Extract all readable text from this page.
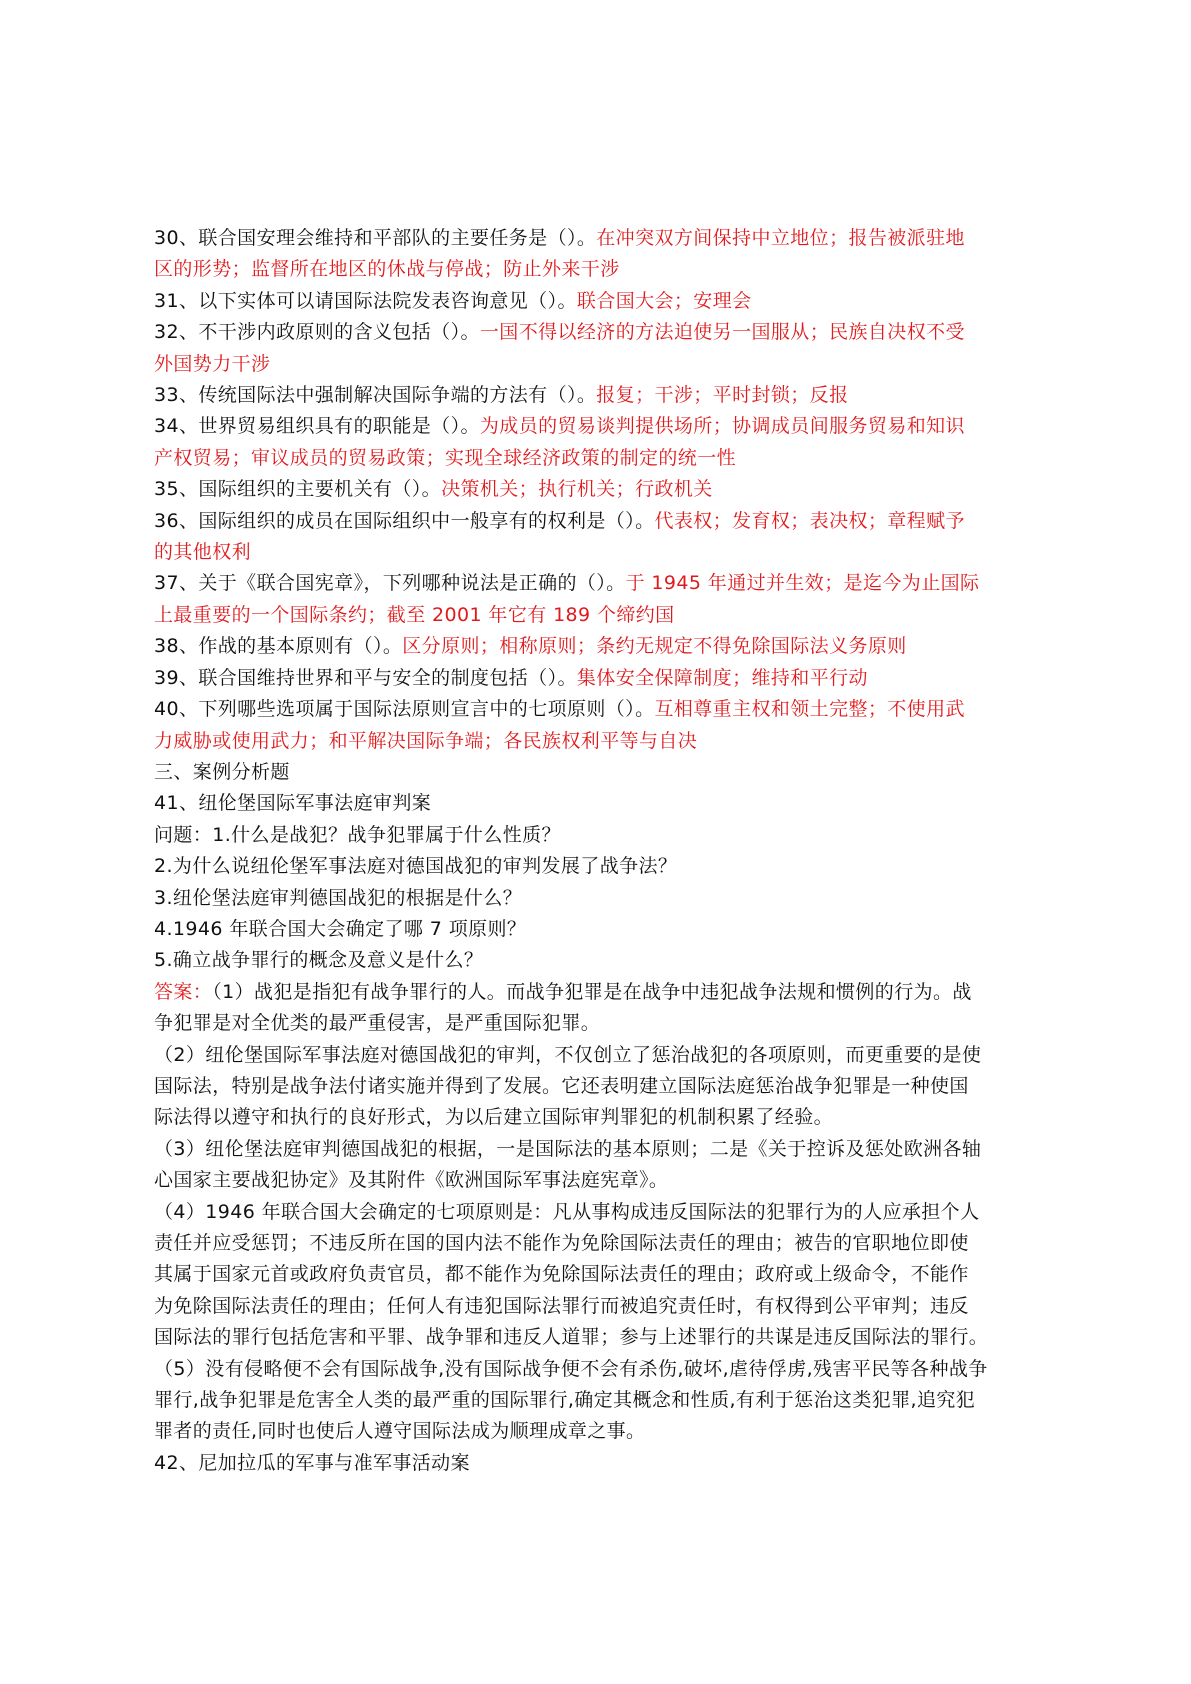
30、联合国安理会维持和平部队的主要任务是（）。在冲突双方间保持中立地位；报告被派驻地
区的形势；监督所在地区的休战与停战；防止外来干涉
31、以下实体可以请国际法院发表咨询意见（）。联合国大会；安理会
32、不干涉内政原则的含义包括（）。一国不得以经济的方法迫使另一国服从；民族自决权不受
外国势力干涉
33、传统国际法中强制解决国际争端的方法有（）。报复；干涉；平时封锁；反报
34、世界贸易组织具有的职能是（）。为成员的贸易谈判提供场所；协调成员间服务贸易和知识
产权贸易；审议成员的贸易政策；实现全球经济政策的制定的统一性
35、国际组织的主要机关有（）。决策机关；执行机关；行政机关
36、国际组织的成员在国际组织中一般享有的权利是（）。代表权；发育权；表决权；章程赋予
的其他权利
37、关于《联合国宪章》，下列哪种说法是正确的（）。于 1945 年通过并生效；是迄今为止国际
上最重要的一个国际条约；截至 2001 年它有 189 个缔约国
38、作战的基本原则有（）。区分原则；相称原则；条约无规定不得免除国际法义务原则
39、联合国维持世界和平与安全的制度包括（）。集体安全保障制度；维持和平行动
40、下列哪些选项属于国际法原则宣言中的七项原则（）。互相尊重主权和领土完整；不使用武
力威胁或使用武力；和平解决国际争端；各民族权利平等与自决
三、案例分析题
41、纽伦堡国际军事法庭审判案
问题：1.什么是战犯？战争犯罪属于什么性质？
2.为什么说纽伦堡军事法庭对德国战犯的审判发展了战争法？
3.纽伦堡法庭审判德国战犯的根据是什么？
4.1946 年联合国大会确定了哪 7 项原则？
5.确立战争罪行的概念及意义是什么？
答案：（1）战犯是指犯有战争罪行的人。而战争犯罪是在战争中违犯战争法规和惯例的行为。战
争犯罪是对全优类的最严重侵害，是严重国际犯罪。
（2）纽伦堡国际军事法庭对德国战犯的审判，不仅创立了惩治战犯的各项原则，而更重要的是使
国际法，特别是战争法付诸实施并得到了发展。它还表明建立国际法庭惩治战争犯罪是一种使国
际法得以遵守和执行的良好形式，为以后建立国际审判罪犯的机制积累了经验。
（3）纽伦堡法庭审判德国战犯的根据，一是国际法的基本原则；二是《关于控诉及惩处欧洲各轴
心国家主要战犯协定》及其附件《欧洲国际军事法庭宪章》。
（4）1946 年联合国大会确定的七项原则是：凡从事构成违反国际法的犯罪行为的人应承担个人
责任并应受惩罚；不违反所在国的国内法不能作为免除国际法责任的理由；被告的官职地位即使
其属于国家元首或政府负责官员，都不能作为免除国际法责任的理由；政府或上级命令，不能作
为免除国际法责任的理由；任何人有违犯国际法罪行而被追究责任时，有权得到公平审判；违反
国际法的罪行包括危害和平罪、战争罪和违反人道罪；参与上述罪行的共谋是违反国际法的罪行。
（5）没有侵略便不会有国际战争,没有国际战争便不会有杀伤,破坏,虐待俘虏,残害平民等各种战争
罪行,战争犯罪是危害全人类的最严重的国际罪行,确定其概念和性质,有利于惩治这类犯罪,追究犯
罪者的责任,同时也使后人遵守国际法成为顺理成章之事。
42、尼加拉瓜的军事与准军事活动案
